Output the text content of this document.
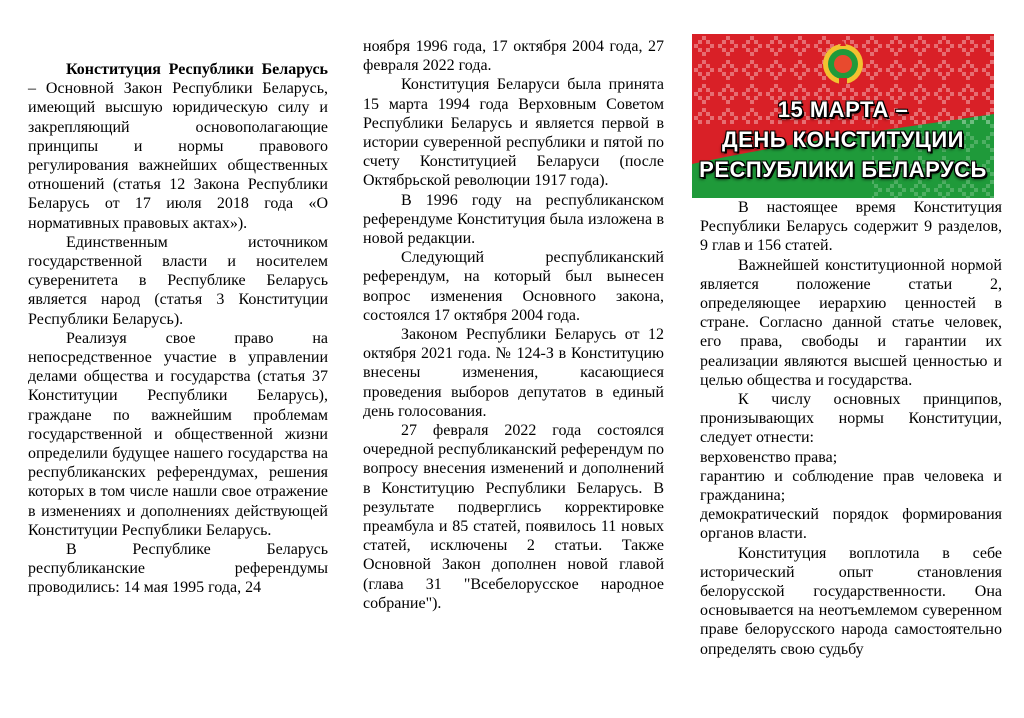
Конституция Республики Беларусь – Основной Закон Республики Беларусь, имеющий высшую юридическую силу и закрепляющий основополагающие принципы и нормы правового регулирования важнейших общественных отношений (статья 12 Закона Республики Беларусь от 17 июля 2018 года «О нормативных правовых актах»).

Единственным источником государственной власти и носителем суверенитета в Республике Беларусь является народ (статья 3 Конституции Республики Беларусь).

Реализуя свое право на непосредственное участие в управлении делами общества и государства (статья 37 Конституции Республики Беларусь), граждане по важнейшим проблемам государственной и общественной жизни определили будущее нашего государства на республиканских референдумах, решения которых в том числе нашли свое отражение в изменениях и дополнениях действующей Конституции Республики Беларусь.

В Республике Беларусь республиканские референдумы проводились: 14 мая 1995 года, 24

ноября 1996 года, 17 октября 2004 года, 27 февраля 2022 года.

Конституция Беларуси была принята 15 марта 1994 года Верховным Советом Республики Беларусь и является первой в истории суверенной республики и пятой по счету Конституцией Беларуси (после Октябрьской революции 1917 года).

В 1996 году на республиканском референдуме Конституция была изложена в новой редакции.

Следующий республиканский референдум, на который был вынесен вопрос изменения Основного закона, состоялся 17 октября 2004 года.

Законом Республики Беларусь от 12 октября 2021 года. № 124-З в Конституцию внесены изменения, касающиеся проведения выборов депутатов в единый день голосования.

27 февраля 2022 года состоялся очередной республиканский референдум по вопросу внесения изменений и дополнений в Конституцию Республики Беларусь. В результате подверглись корректировке преамбула и 85 статей, появилось 11 новых статей, исключены 2 статьи. Также Основной Закон дополнен новой главой (глава 31 "Всебелорусское народное собрание").

15 МАРТА –
ДЕНЬ КОНСТИТУЦИИ
РЕСПУБЛИКИ БЕЛАРУСЬ

В настоящее время Конституция Республики Беларусь содержит 9 разделов, 9 глав и 156 статей.

Важнейшей конституционной нормой является положение статьи 2, определяющее иерархию ценностей в стране. Согласно данной статье человек, его права, свободы и гарантии их реализации являются высшей ценностью и целью общества и государства.

К числу основных принципов, пронизывающих нормы Конституции, следует отнести:

верховенство права;

гарантию и соблюдение прав человека и гражданина;

демократический порядок формирования органов власти.

Конституция воплотила в себе исторический опыт становления белорусской государственности. Она основывается на неотъемлемом суверенном праве белорусского народа самостоятельно определять свою судьбу
